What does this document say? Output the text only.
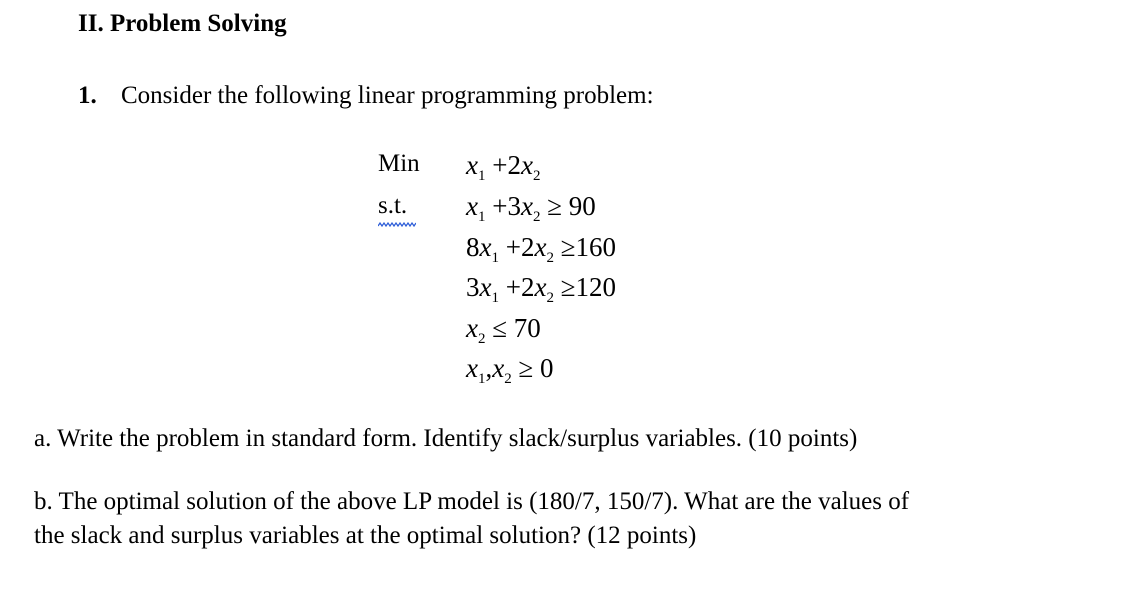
II. Problem Solving
1. Consider the following linear programming problem:
Min
s.t.
$x_1 +2x_2$
$x_1 +3x_2 \ge 90$
$8x_1 +2x_2 \ge 160$
$3x_1 +2x_2 \ge 120$
$x_2 \le 70$
$x_1,x_2 \ge 0$
a. Write the problem in standard form. Identify slack/surplus variables. (10 points)
b. The optimal solution of the above LP model is (180/7, 150/7). What are the values of
the slack and surplus variables at the optimal solution? (12 points)
